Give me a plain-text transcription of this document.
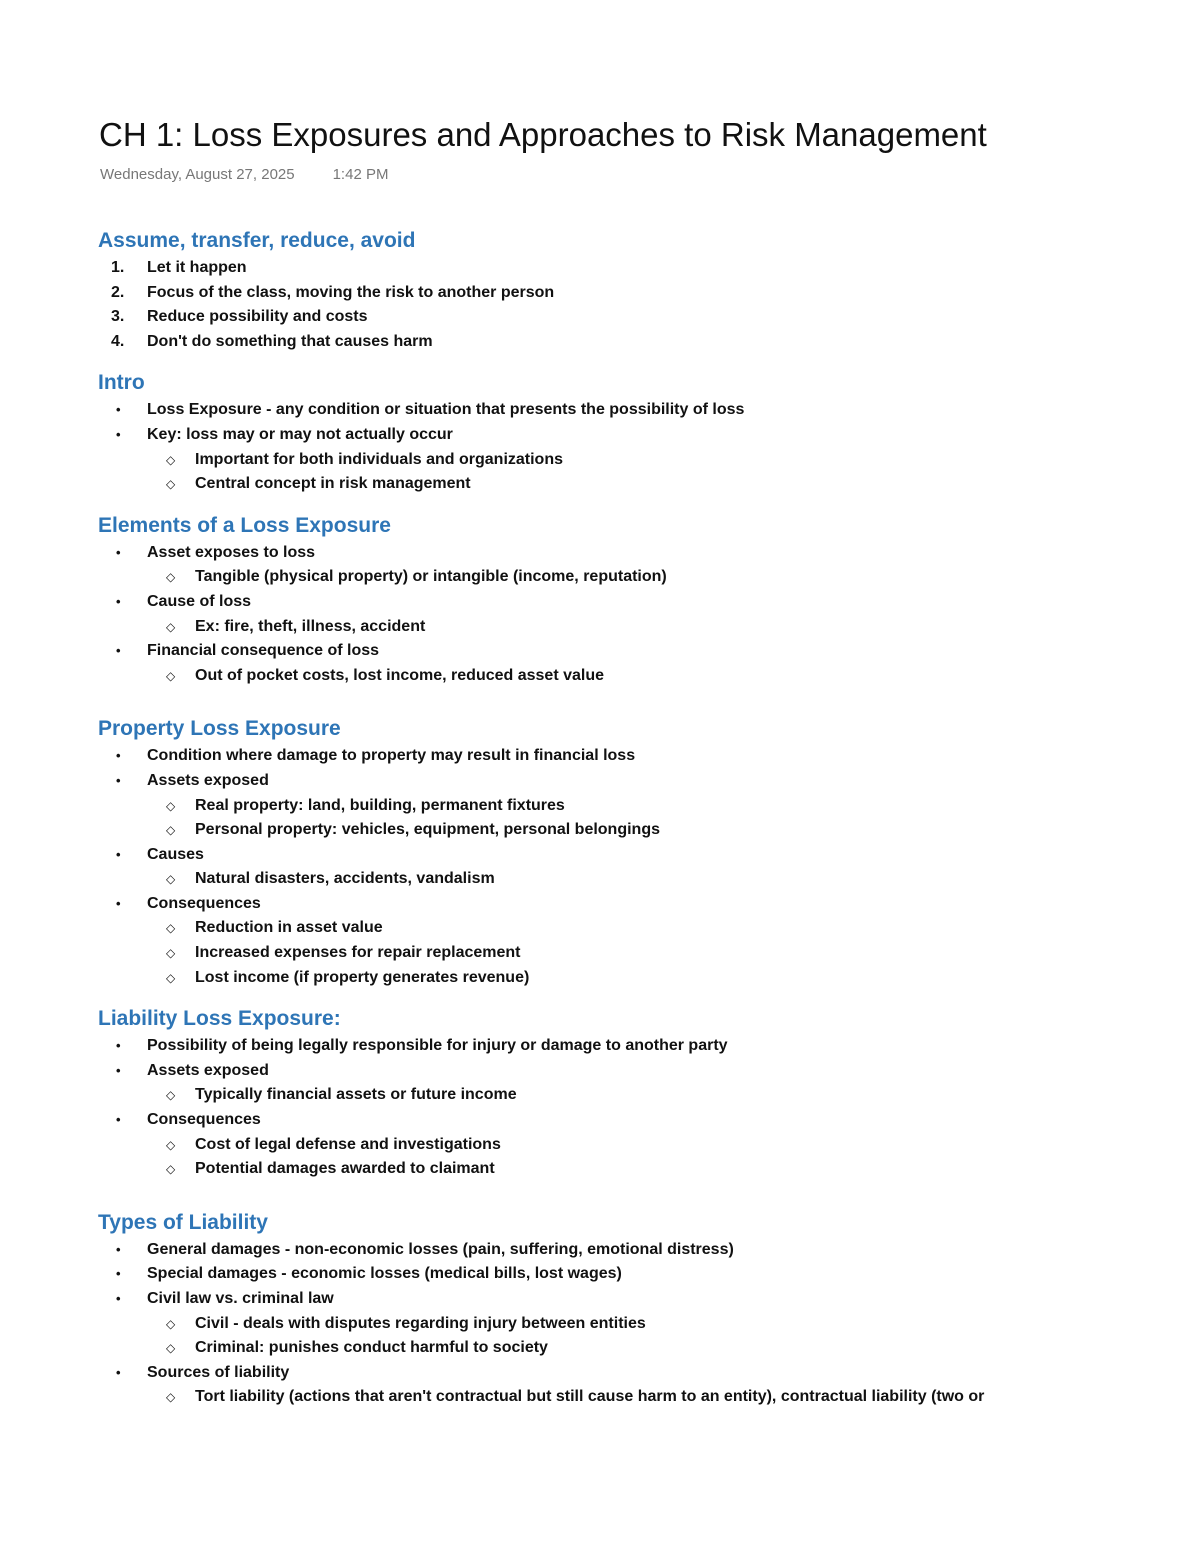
CH 1: Loss Exposures and Approaches to Risk Management
Wednesday, August 27, 2025	1:42 PM
Assume, transfer, reduce, avoid
1. Let it happen
2. Focus of the class, moving the risk to another person
3. Reduce possibility and costs
4. Don't do something that causes harm
Intro
• Loss Exposure - any condition or situation that presents the possibility of loss
• Key: loss may or may not actually occur
◇ Important for both individuals and organizations
◇ Central concept in risk management
Elements of a Loss Exposure
• Asset exposes to loss
◇ Tangible (physical property) or intangible (income, reputation)
• Cause of loss
◇ Ex: fire, theft, illness, accident
• Financial consequence of loss
◇ Out of pocket costs, lost income, reduced asset value
Property Loss Exposure
• Condition where damage to property may result in financial loss
• Assets exposed
◇ Real property: land, building, permanent fixtures
◇ Personal property: vehicles, equipment, personal belongings
• Causes
◇ Natural disasters, accidents, vandalism
• Consequences
◇ Reduction in asset value
◇ Increased expenses for repair replacement
◇ Lost income (if property generates revenue)
Liability Loss Exposure:
• Possibility of being legally responsible for injury or damage to another party
• Assets exposed
◇ Typically financial assets or future income
• Consequences
◇ Cost of legal defense and investigations
◇ Potential damages awarded to claimant
Types of Liability
• General damages - non-economic losses (pain, suffering, emotional distress)
• Special damages - economic losses (medical bills, lost wages)
• Civil law vs. criminal law
◇ Civil - deals with disputes regarding injury between entities
◇ Criminal: punishes conduct harmful to society
• Sources of liability
◇ Tort liability (actions that aren't contractual but still cause harm to an entity), contractual liability (two or
